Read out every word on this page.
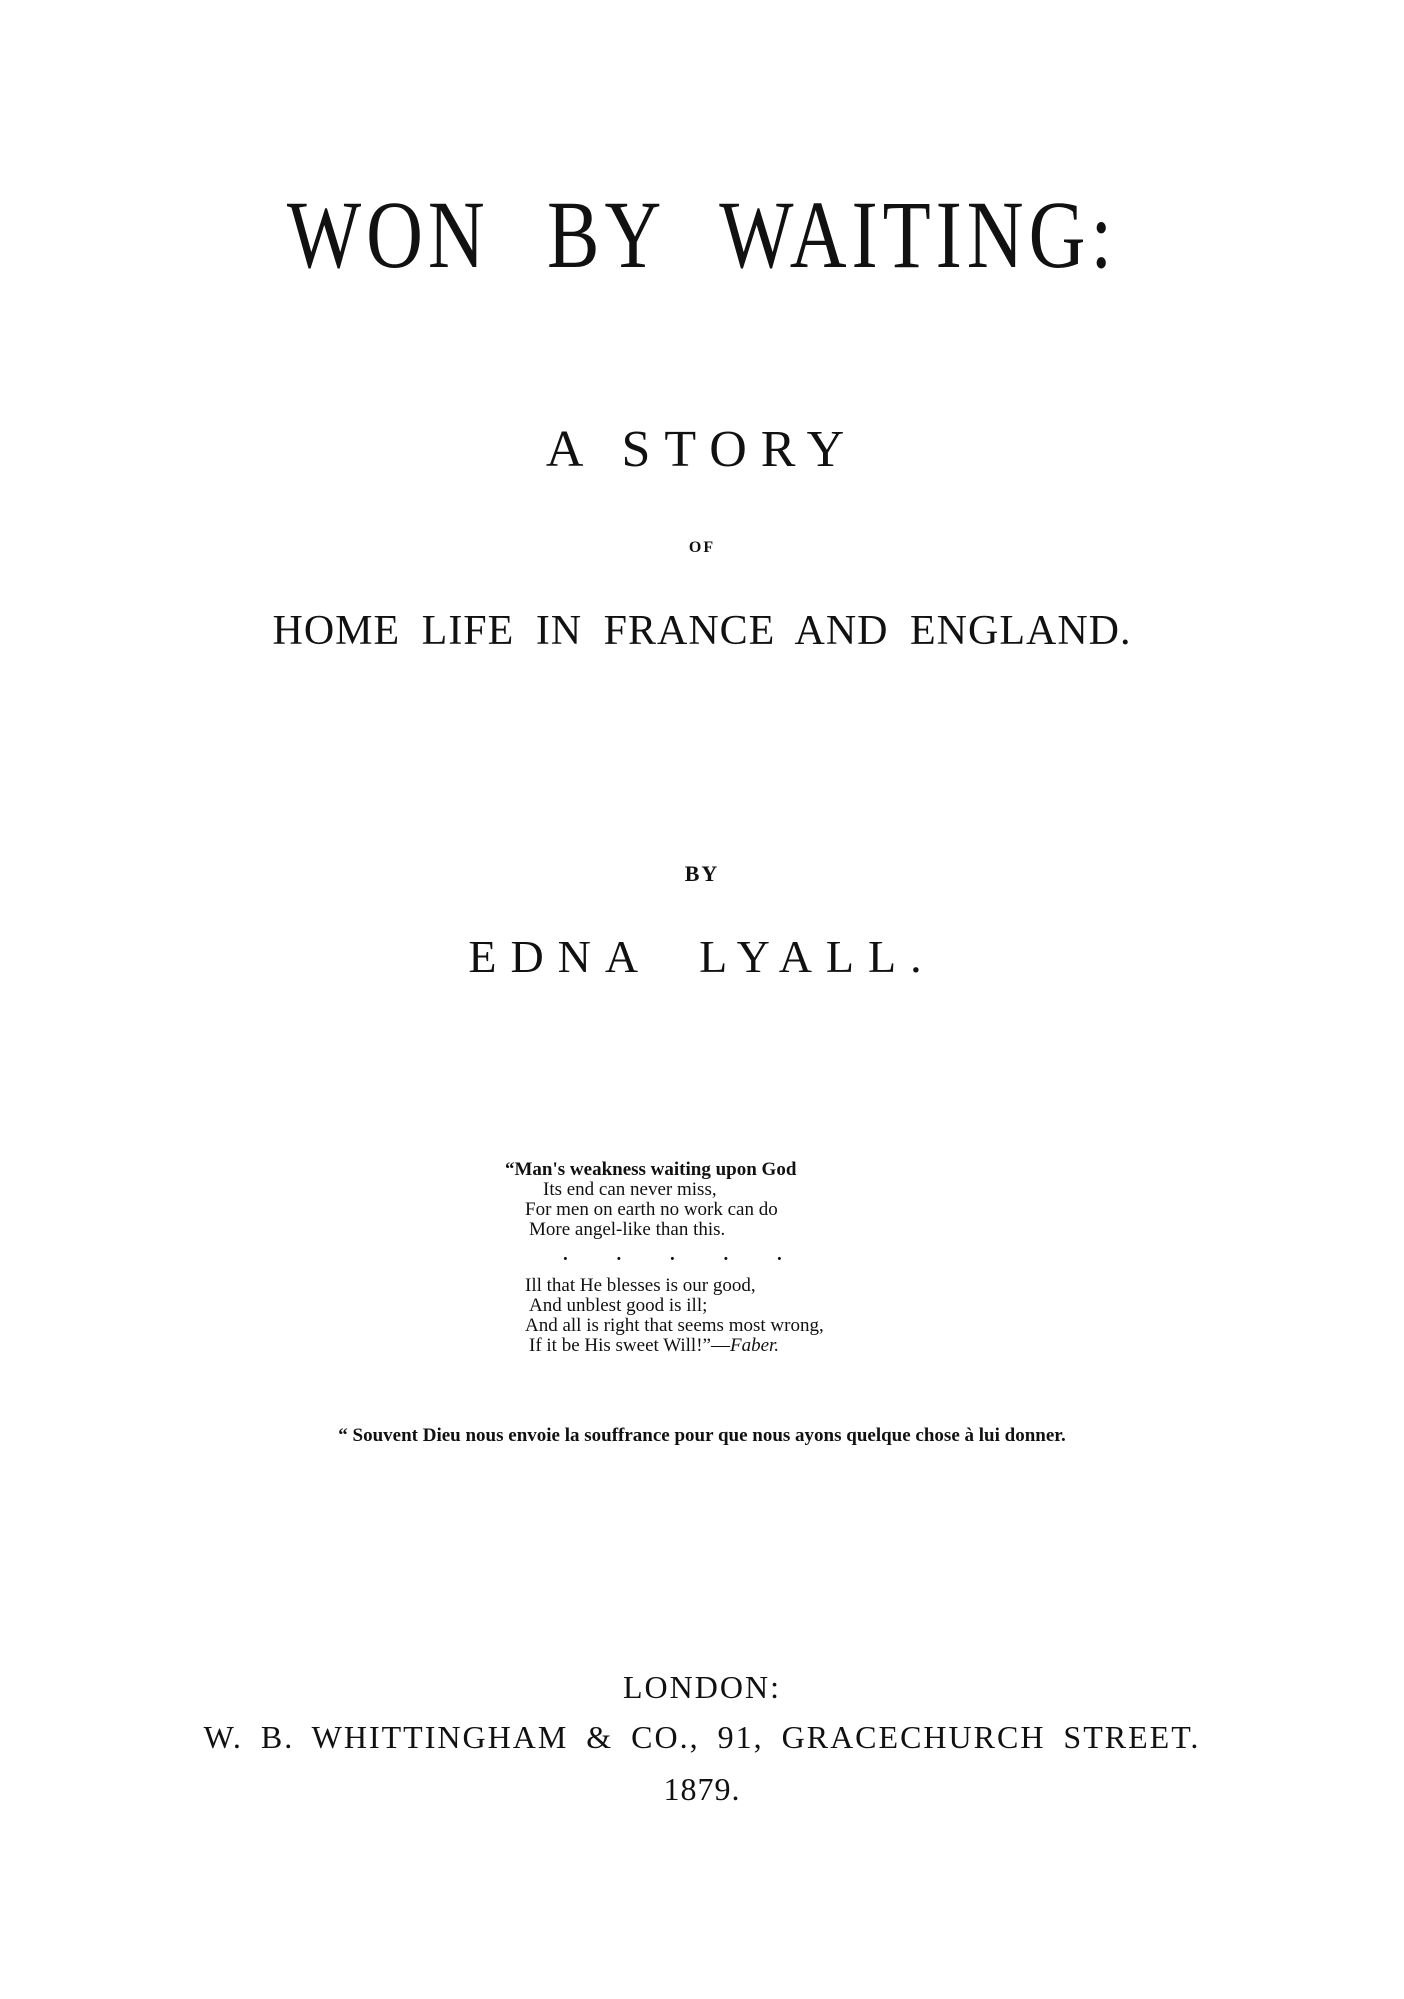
WON BY WAITING:
A STORY
OF
HOME LIFE IN FRANCE AND ENGLAND.
BY
EDNA LYALL.
“Man's weakness waiting upon God
Its end can never miss,
For men on earth no work can do
More angel-like than this.
. . . . .
Ill that He blesses is our good,
And unblest good is ill;
And all is right that seems most wrong,
If it be His sweet Will!”—Faber.
“ Souvent Dieu nous envoie la souffrance pour que nous ayons quelque chose à lui donner.
LONDON:
W. B. WHITTINGHAM & CO., 91, GRACECHURCH STREET.
1879.
